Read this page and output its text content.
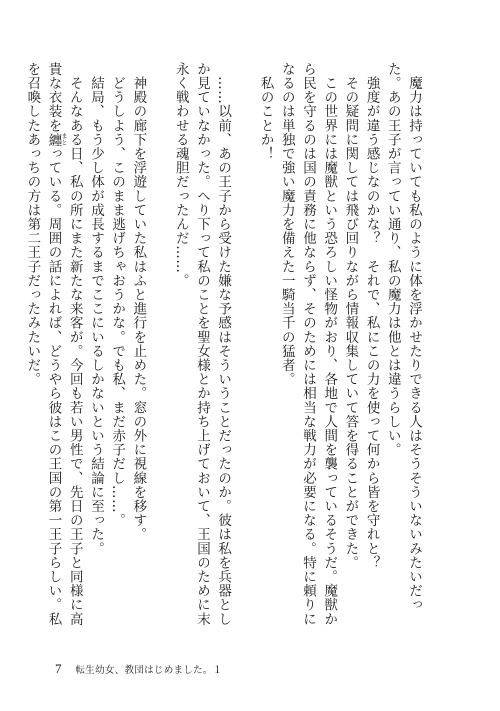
　魔力は持っていても私のように体を浮かせたりできる人はそうそういないみたいだった。あの王子が言ってい通り、私の魔力は他とは違うらしい。

　強度が違う感じなのかな？　それで、私にこの力を使って何から皆を守れと？

　その疑問に関しては飛び回りながら情報収集していて答を得ることができた。

　この世界には魔獣という恐ろしい怪物がおり、各地で人間を襲っているそうだ。魔獣から民を守るのは国の責務に他ならず、そのためには相当な戦力が必要になる。特に頼りになるのは単独で強い魔力を備えた一騎当千の猛者。

　私のことか！

　……以前、あの王子から受けた嫌な予感はそういうことだったのか。彼は私を兵器としか見ていなかった。へり下って私のことを聖女様とか持ち上げておいて、王国のために末永く戦わせる魂胆だったんだ……。

　神殿の廊下を浮遊していた私はふと進行を止めた。窓の外に視線を移す。

　どうしよう、このまま逃げちゃおうかな。でも私、まだ赤子だし……。

　結局、もう少し体が成長するまでここにいるしかないという結論に至った。

　そんなある日、私の所にまた新たな来客が。今回も若い男性で、先日の王子と同様に高貴な衣装を纏まとっている。周囲の話によれば、どうやら彼はこの王国の第一王子らしい。私を召喚したあっちの方は第二王子だったみたいだ。

7 転生幼女、教団はじめました。１
